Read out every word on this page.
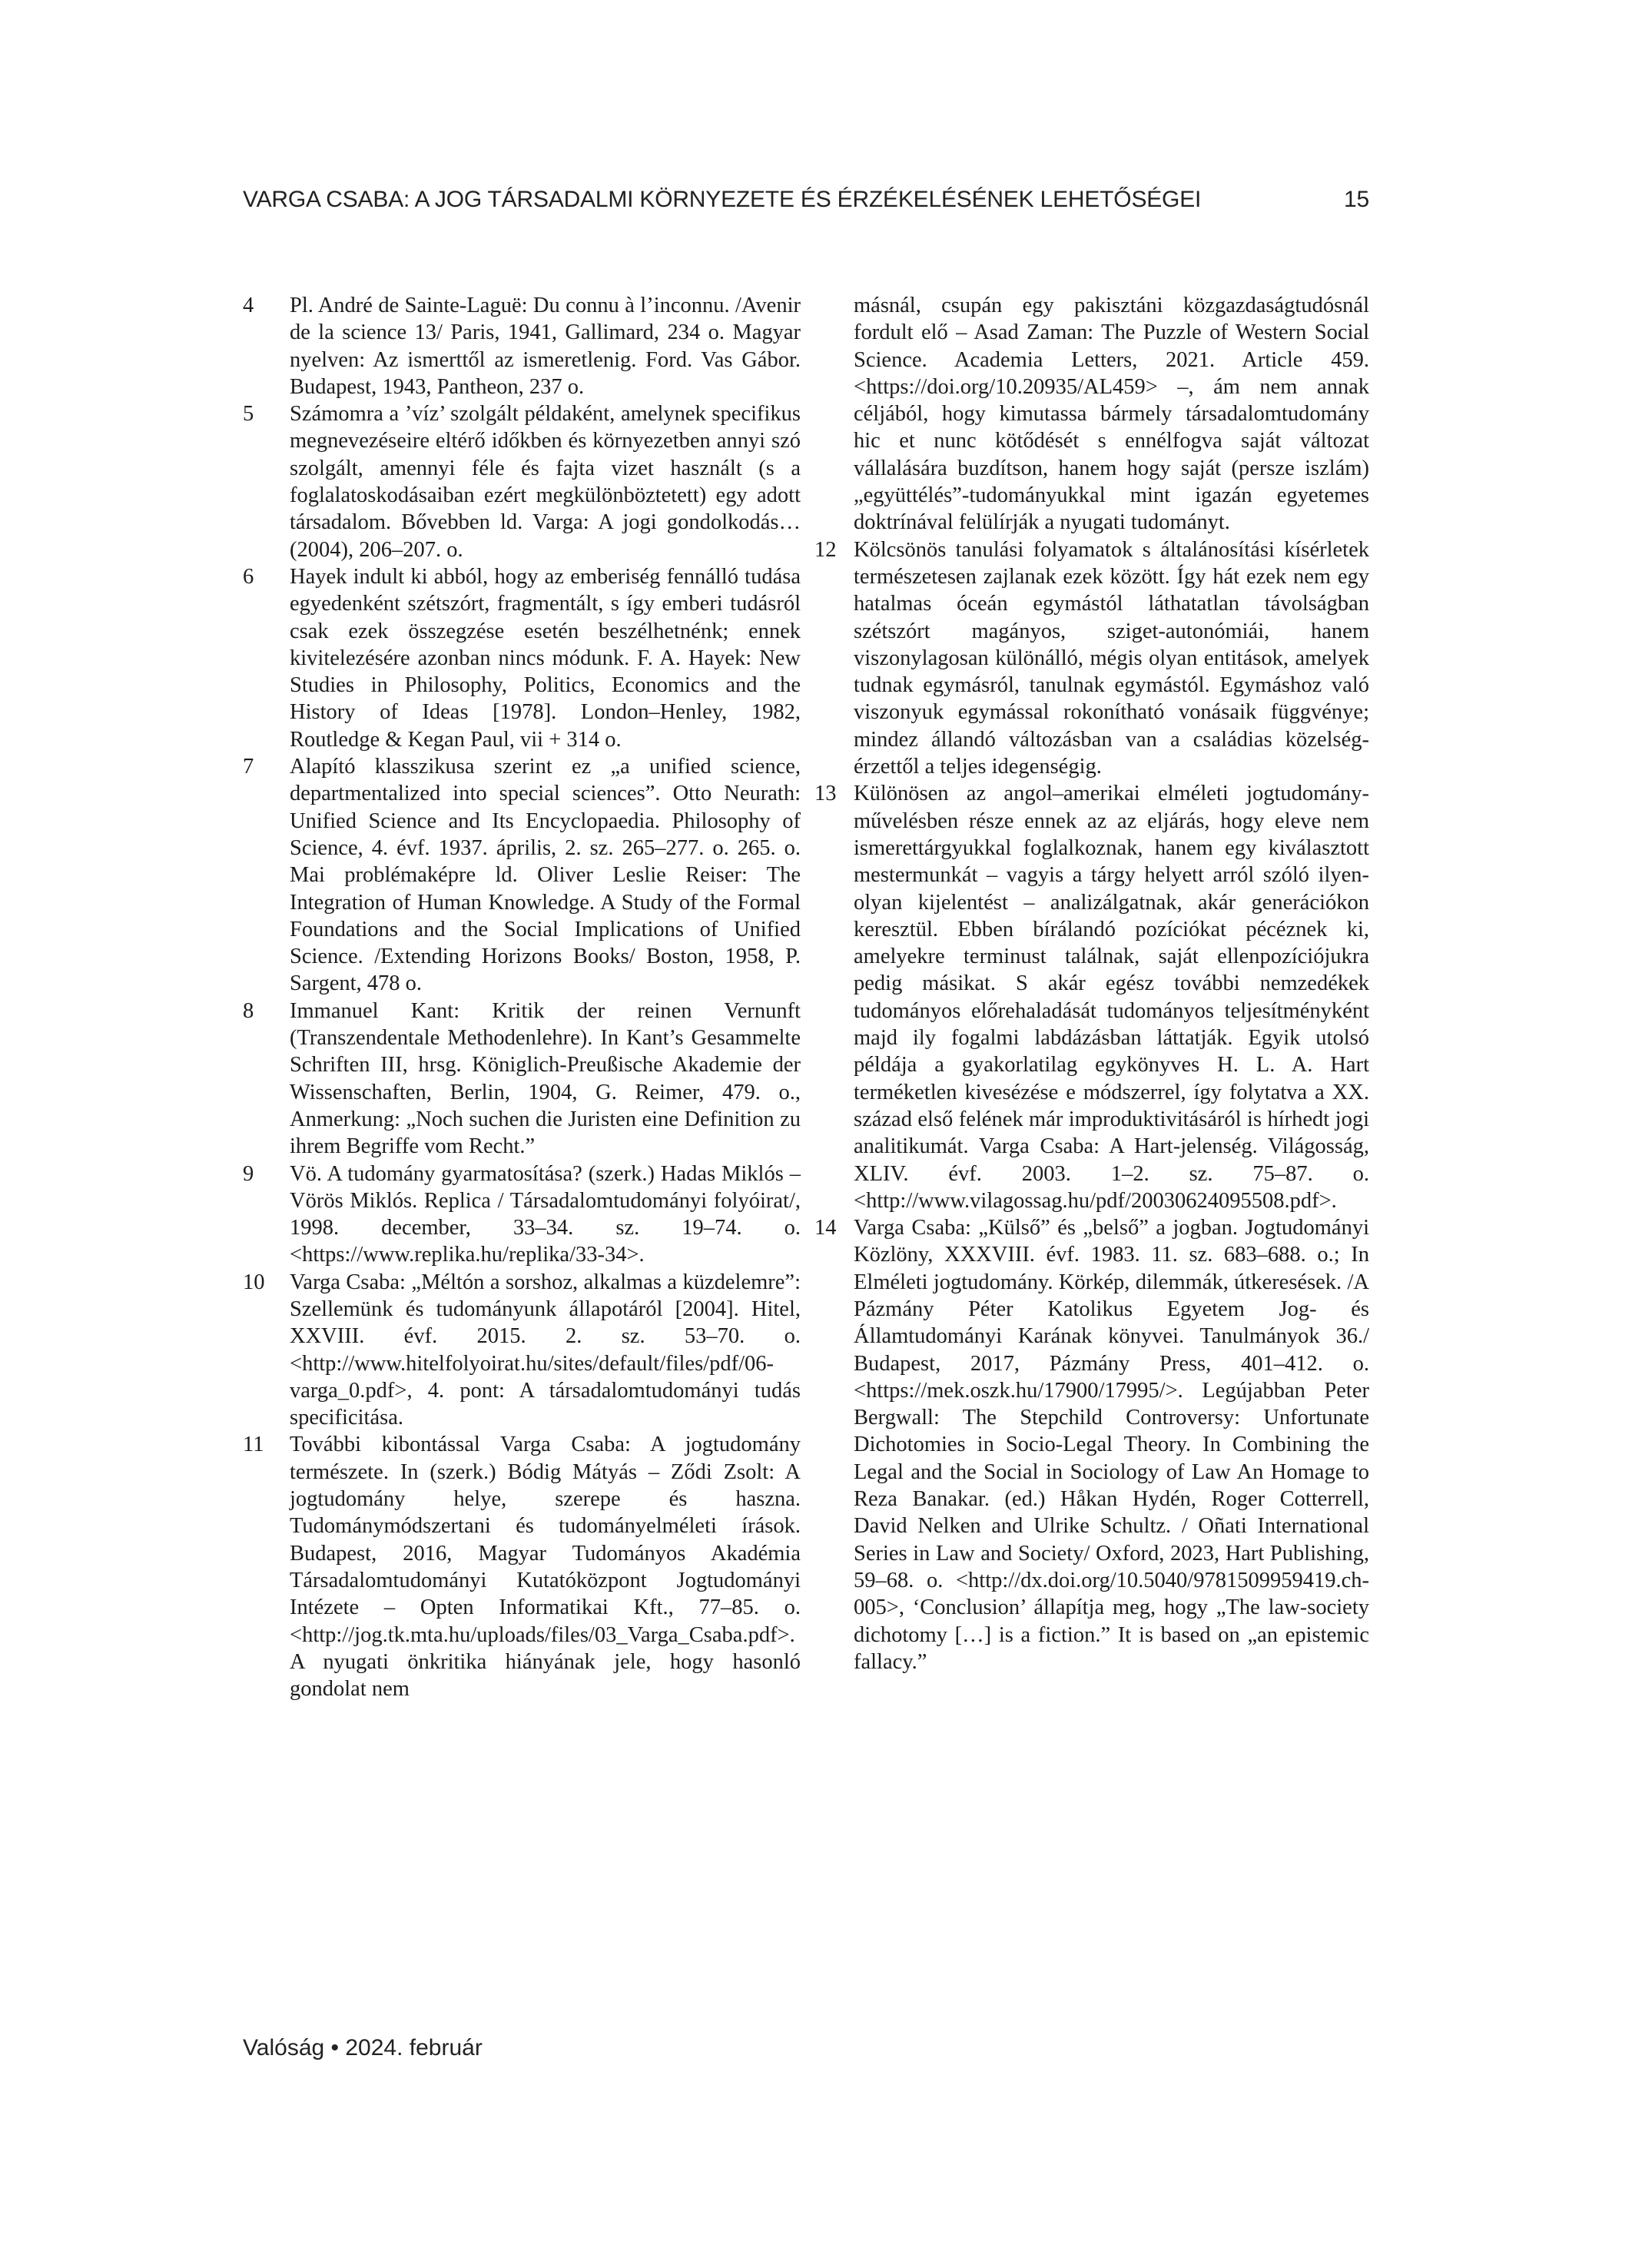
VARGA CSABA: A JOG TÁRSADALMI KÖRNYEZETE ÉS ÉRZÉKELÉSÉNEK LEHETŐSÉGEI	15
4	Pl. André de Sainte-Laguë: Du connu à l’inconnu. /Avenir de la science 13/ Paris, 1941, Gallimard, 234 o. Magyar nyelven: Az ismerttől az ismeretlenig. Ford. Vas Gábor. Budapest, 1943, Pantheon, 237 o.
5	Számomra a ’víz’ szolgált példaként, amelynek specifikus megnevezéseire eltérő időkben és környezetben annyi szó szolgált, amennyi féle és fajta vizet használt (s a foglalatoskodásaiban ezért megkülönböztetett) egy adott társadalom. Bővebben ld. Varga: A jogi gondolkodás… (2004), 206–207. o.
6	Hayek indult ki abból, hogy az emberiség fennálló tudása egyedenként szétszórt, fragmentált, s így emberi tudásról csak ezek összegzése esetén beszélhetnénk; ennek kivitelezésére azonban nincs módunk. F. A. Hayek: New Studies in Philosophy, Politics, Economics and the History of Ideas [1978]. London–Henley, 1982, Routledge & Kegan Paul, vii + 314 o.
7	Alapító klasszikusa szerint ez „a unified science, departmentalized into special sciences”. Otto Neurath: Unified Science and Its Encyclopaedia. Philosophy of Science, 4. évf. 1937. április, 2. sz. 265–277. o. 265. o. Mai problémaképre ld. Oliver Leslie Reiser: The Integration of Human Knowledge. A Study of the Formal Foundations and the Social Implications of Unified Science. /Extending Horizons Books/ Boston, 1958, P. Sargent, 478 o.
8	Immanuel Kant: Kritik der reinen Vernunft (Transzendentale Methodenlehre). In Kant’s Gesammelte Schriften III, hrsg. Königlich-Preußische Akademie der Wissenschaften, Berlin, 1904, G. Reimer, 479. o., Anmerkung: „Noch suchen die Juristen eine Definition zu ihrem Begriffe vom Recht.”
9	Vö. A tudomány gyarmatosítása? (szerk.) Hadas Miklós – Vörös Miklós. Replica / Társadalomtudományi folyóirat/, 1998. december, 33–34. sz. 19–74. o.<https://www.replika.hu/replika/33-34>.
10	Varga Csaba: „Méltón a sorshoz, alkalmas a küzdelemre”: Szellemünk és tudományunk állapotáról [2004]. Hitel, XXVIII. évf. 2015. 2. sz. 53–70. o. <http://www.hitelfolyoirat.hu/sites/default/files/pdf/06-varga_0.pdf>, 4. pont: A társadalomtudományi tudás specificitása.
11	További kibontással Varga Csaba: A jogtudomány természete. In (szerk.) Bódig Mátyás – Ződi Zsolt: A jogtudomány helye, szerepe és haszna. Tudománymódszertani és tudományelméleti írások. Budapest, 2016, Magyar Tudományos Akadémia Társadalomtudományi Kutatóközpont Jogtudományi Intézete – Opten Informatikai Kft., 77–85. o. <http://jog.tk.mta.hu/uploads/files/03_Varga_Csaba.pdf>. A nyugati önkritika hiányának jele, hogy hasonló gondolat nem
másnál, csupán egy pakisztáni közgazdaságtudósnál fordult elő – Asad Zaman: The Puzzle of Western Social Science. Academia Letters, 2021. Article 459. <https://doi.org/10.20935/AL459> –, ám nem annak céljából, hogy kimutassa bármely társadalomtudomány hic et nunc kötődését s ennélfogva saját változat vállalására buzdítson, hanem hogy saját (persze iszlám) „együttélés”-tudományukkal mint igazán egyetemes doktrínával felülírják a nyugati tudományt.
12 Kölcsönös tanulási folyamatok s általánosítási kísérletek természetesen zajlanak ezek között. Így hát ezek nem egy hatalmas óceán egymástól láthatatlan távolságban szétszórt magányos, sziget-autonómiái, hanem viszonylagosan különálló, mégis olyan entitások, amelyek tudnak egymásról, tanulnak egymástól. Egymáshoz való viszonyuk egymással rokonítható vonásaik függvénye; mindez állandó változásban van a családias közelség- érzettől a teljes idegenségig.
13 Különösen az angol–amerikai elméleti jogtudomány-művelésben része ennek az az eljárás, hogy eleve nem ismerettárgyukkal foglalkoznak, hanem egy kiválasztott mestermunkát – vagyis a tárgy helyett arról szóló ilyen-olyan kijelentést – analizálgatnak, akár generációkon keresztül. Ebben bírálandó pozíciókat pécéznek ki, amelyekre terminust találnak, saját ellenpozíciójukra pedig másikat. S akár egész további nemzedékek tudományos előrehaladását tudományos teljesítményként majd ily fogalmi labdázásban láttatják. Egyik utolsó példája a gyakorlatilag egykönyves H. L. A. Hart terméketlen kivesézése e módszerrel, így folytatva a XX. század első felének már improduktivitásáról is hírhedt jogi analitikumát. Varga Csaba: A Hart-jelenség. Világosság, XLIV. évf. 2003. 1–2. sz. 75–87. o. <http://www.vilagossag.hu/pdf/20030624095508.pdf>.
14 Varga Csaba: „Külső” és „belső” a jogban. Jogtudományi Közlöny, XXXVIII. évf. 1983. 11. sz. 683–688. o.; In Elméleti jogtudomány. Körkép, dilemmák, útkeresések. /A Pázmány Péter Katolikus Egyetem Jog- és Államtudományi Karának könyvei. Tanulmányok 36./ Budapest, 2017, Pázmány Press, 401–412. o. <https://mek.oszk.hu/17900/17995/>. Legújabban Peter Bergwall: The Stepchild Controversy: Unfortunate Dichotomies in Socio-Legal Theory. In Combining the Legal and the Social in Sociology of Law An Homage to Reza Banakar. (ed.) Håkan Hydén, Roger Cotterrell, David Nelken and Ulrike Schultz. / Oñati International Series in Law and Society/ Oxford, 2023, Hart Publishing, 59–68. o. <http://dx.doi.org/10.5040/9781509959419.ch-005>, ‘Conclusion’ állapítja meg, hogy „The law-society dichotomy […] is a fiction.” It is based on „an epistemic fallacy.”
Valóság • 2024. február
